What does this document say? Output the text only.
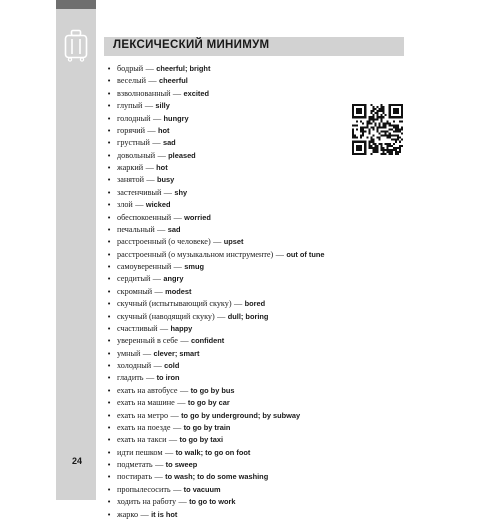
ЛЕКСИЧЕСКИЙ МИНИМУМ
• бодрый — cheerful; bright
• веселый — cheerful
• взволнованный — excited
• глупый — silly
• голодный — hungry
• горячий — hot
• грустный — sad
• довольный — pleased
• жаркий — hot
• занятой — busy
• застенчивый — shy
• злой — wicked
• обеспокоенный — worried
• печальный — sad
• расстроенный (о человеке) — upset
• расстроенный (о музыкальном инструменте) — out of tune
• самоуверенный — smug
• сердитый — angry
• скромный — modest
• скучный (испытывающий скуку) — bored
• скучный (наводящий скуку) — dull; boring
• счастливый — happy
• уверенный в себе — confident
• умный — clever; smart
• холодный — cold
• гладить — to iron
• ехать на автобусе — to go by bus
• ехать на машине — to go by car
• ехать на метро — to go by underground; by subway
• ехать на поезде — to go by train
• ехать на такси — to go by taxi
• идти пешком — to walk; to go on foot
• подметать — to sweep
• постирать — to wash; to do some washing
• пропылесосить — to vacuum
• ходить на работу — to go to work
• жарко — it is hot
24
